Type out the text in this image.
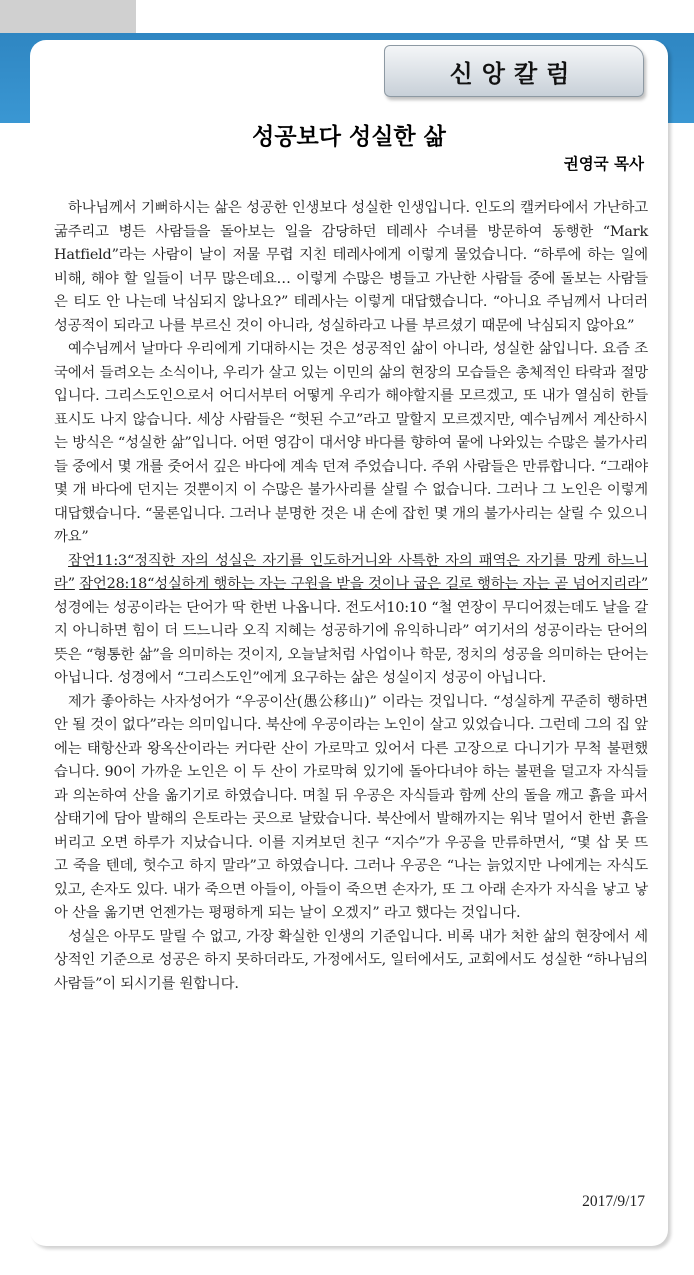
신앙칼럼
성공보다 성실한 삶
권영국 목사

하나님께서 기뻐하시는 삶은 성공한 인생보다 성실한 인생입니다. 인도의 캘커타에서 가난하고 굶주리고 병든 사람들을 돌아보는 일을 감당하던 테레사 수녀를 방문하여 동행한 “Mark Hatfield”라는 사람이 날이 저물 무렵 지친 테레사에게 이렇게 물었습니다. “하루에 하는 일에 비해, 해야 할 일들이 너무 많은데요… 이렇게 수많은 병들고 가난한 사람들 중에 돌보는 사람들은 티도 안 나는데 낙심되지 않나요?” 테레사는 이렇게 대답했습니다. “아니요 주님께서 나더러 성공적이 되라고 나를 부르신 것이 아니라, 성실하라고 나를 부르셨기 때문에 낙심되지 않아요”

예수님께서 날마다 우리에게 기대하시는 것은 성공적인 삶이 아니라, 성실한 삶입니다. 요즘 조국에서 들려오는 소식이나, 우리가 살고 있는 이민의 삶의 현장의 모습들은 총체적인 타락과 절망입니다. 그리스도인으로서 어디서부터 어떻게 우리가 해야할지를 모르겠고, 또 내가 열심히 한들 표시도 나지 않습니다. 세상 사람들은 “헛된 수고”라고 말할지 모르겠지만, 예수님께서 계산하시는 방식은 “성실한 삶”입니다. 어떤 영감이 대서양 바다를 향하여 뭍에 나와있는 수많은 불가사리들 중에서 몇 개를 줏어서 깊은 바다에 계속 던져 주었습니다. 주위 사람들은 만류합니다. “그래야 몇 개 바다에 던지는 것뿐이지 이 수많은 불가사리를 살릴 수 없습니다. 그러나 그 노인은 이렇게 대답했습니다. “물론입니다. 그러나 분명한 것은 내 손에 잡힌 몇 개의 불가사리는 살릴 수 있으니까요”

잠언11:3“정직한 자의 성실은 자기를 인도하거니와 사특한 자의 패역은 자기를 망케 하느니라” 잠언28:18“성실하게 행하는 자는 구원을 받을 것이나 굽은 길로 행하는 자는 곧 넘어지리라” 성경에는 성공이라는 단어가 딱 한번 나옵니다. 전도서10:10 “철 연장이 무디어졌는데도 날을 갈지 아니하면 힘이 더 드느니라 오직 지혜는 성공하기에 유익하니라” 여기서의 성공이라는 단어의 뜻은 “형통한 삶”을 의미하는 것이지, 오늘날처럼 사업이나 학문, 정치의 성공을 의미하는 단어는 아닙니다. 성경에서 “그리스도인”에게 요구하는 삶은 성실이지 성공이 아닙니다.

제가 좋아하는 사자성어가 “우공이산(愚公移山)” 이라는 것입니다. “성실하게 꾸준히 행하면 안 될 것이 없다”라는 의미입니다. 북산에 우공이라는 노인이 살고 있었습니다. 그런데 그의 집 앞에는 태항산과 왕옥산이라는 커다란 산이 가로막고 있어서 다른 고장으로 다니기가 무척 불편했습니다. 90이 가까운 노인은 이 두 산이 가로막혀 있기에 돌아다녀야 하는 불편을 덜고자 자식들과 의논하여 산을 옮기기로 하였습니다. 며칠 뒤 우공은 자식들과 함께 산의 돌을 깨고 흙을 파서 삼태기에 담아 발해의 은토라는 곳으로 날랐습니다. 북산에서 발해까지는 워낙 멀어서 한번 흙을 버리고 오면 하루가 지났습니다. 이를 지켜보던 친구 “지수”가 우공을 만류하면서, “몇 삽 못 뜨고 죽을 텐데, 헛수고 하지 말라”고 하였습니다. 그러나 우공은 “나는 늙었지만 나에게는 자식도 있고, 손자도 있다. 내가 죽으면 아들이, 아들이 죽으면 손자가, 또 그 아래 손자가 자식을 낳고 낳아 산을 옮기면 언젠가는 평평하게 되는 날이 오겠지” 라고 했다는 것입니다.

성실은 아무도 말릴 수 없고, 가장 확실한 인생의 기준입니다. 비록 내가 처한 삶의 현장에서 세상적인 기준으로 성공은 하지 못하더라도, 가정에서도, 일터에서도, 교회에서도 성실한 “하나님의 사람들”이 되시기를 원합니다.

2017/9/17
